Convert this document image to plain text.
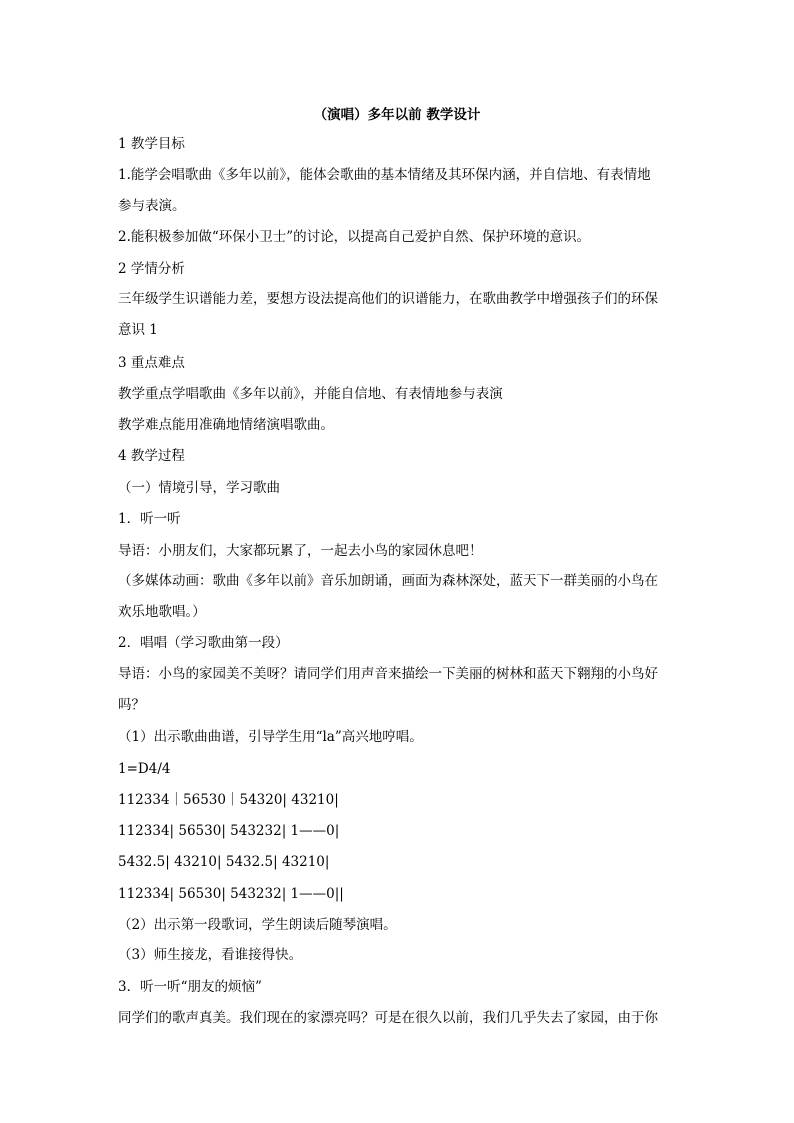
（演唱）多年以前 教学设计
1 教学目标
1.能学会唱歌曲《多年以前》，能体会歌曲的基本情绪及其环保内涵，并自信地、有表情地
参与表演。
2.能积极参加做“环保小卫士”的讨论，以提高自己爱护自然、保护环境的意识。
2 学情分析
三年级学生识谱能力差，要想方设法提高他们的识谱能力，在歌曲教学中增强孩子们的环保
意识 1
3 重点难点
教学重点学唱歌曲《多年以前》，并能自信地、有表情地参与表演
教学难点能用准确地情绪演唱歌曲。
4 教学过程
（一）情境引导，学习歌曲
1．听一听
导语：小朋友们，大家都玩累了，一起去小鸟的家园休息吧！
（多媒体动画：歌曲《多年以前》音乐加朗诵，画面为森林深处，蓝天下一群美丽的小鸟在
欢乐地歌唱。）
2．唱唱（学习歌曲第一段）
导语：小鸟的家园美不美呀？请同学们用声音来描绘一下美丽的树林和蓝天下翱翔的小鸟好
吗？
（1）出示歌曲曲谱，引导学生用“la”高兴地哼唱。
1=D4/4
112334｜56530｜54320| 43210|
112334| 56530| 543232| 1——0|
5432.5| 43210| 5432.5| 43210|
112334| 56530| 543232| 1——0||
（2）出示第一段歌词，学生朗读后随琴演唱。
（3）师生接龙，看谁接得快。
3．听一听“朋友的烦恼”
同学们的歌声真美。我们现在的家漂亮吗？可是在很久以前，我们几乎失去了家园，由于你
